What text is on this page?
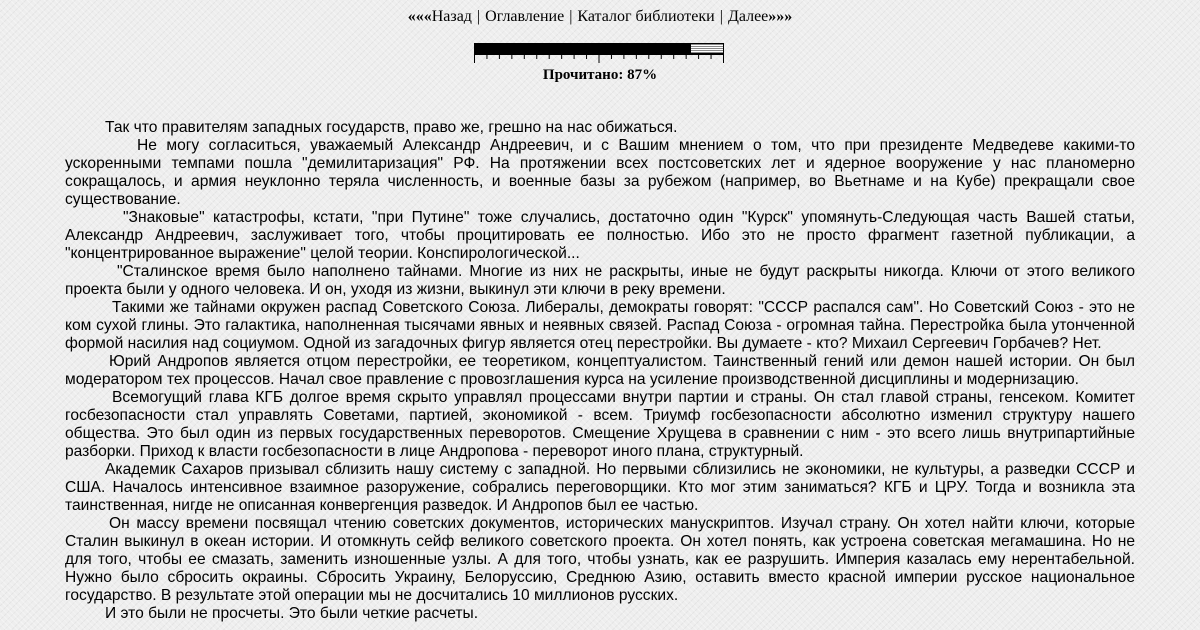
«««Назад | Оглавление | Каталог библиотеки | Далее»»»
Прочитано: 87%

Так что правителям западных государств, право же, грешно на нас обижаться.

Не могу согласиться, уважаемый Александр Андреевич, и с Вашим мнением о том, что при президенте Медведеве какими-то ускоренными темпами пошла "демилитаризация" РФ. На протяжении всех постсоветских лет и ядерное вооружение у нас планомерно сокращалось, и армия неуклонно теряла численность, и военные базы за рубежом (например, во Вьетнаме и на Кубе) прекращали свое существование.

"Знаковые" катастрофы, кстати, "при Путине" тоже случались, достаточно один "Курск" упомянуть-Следующая часть Вашей статьи, Александр Андреевич, заслуживает того, чтобы процитировать ее полностью. Ибо это не просто фрагмент газетной публикации, а "концентрированное выражение" целой теории. Конспирологической...

"Сталинское время было наполнено тайнами. Многие из них не раскрыты, иные не будут раскрыты никогда. Ключи от этого великого проекта были у одного человека. И он, уходя из жизни, выкинул эти ключи в реку времени.

Такими же тайнами окружен распад Советского Союза. Либералы, демократы говорят: "СССР распался сам". Но Советский Союз - это не ком сухой глины. Это галактика, наполненная тысячами явных и неявных связей. Распад Союза - огромная тайна. Перестройка была утонченной формой насилия над социумом. Одной из загадочных фигур является отец перестройки. Вы думаете - кто? Михаил Сергеевич Горбачев? Нет.

Юрий Андропов является отцом перестройки, ее теоретиком, концептуалистом. Таинственный гений или демон нашей истории. Он был модератором тех процессов. Начал свое правление с провозглашения курса на усиление производственной дисциплины и модернизацию.

Всемогущий глава КГБ долгое время скрыто управлял процессами внутри партии и страны. Он стал главой страны, генсеком. Комитет госбезопасности стал управлять Советами, партией, экономикой - всем. Триумф госбезопасности абсолютно изменил структуру нашего общества. Это был один из первых государственных переворотов. Смещение Хрущева в сравнении с ним - это всего лишь внутрипартийные разборки. Приход к власти госбезопасности в лице Андропова - переворот иного плана, структурный.

Академик Сахаров призывал сблизить нашу систему с западной. Но первыми сблизились не экономики, не культуры, а разведки СССР и США. Началось интенсивное взаимное разоружение, собрались переговорщики. Кто мог этим заниматься? КГБ и ЦРУ. Тогда и возникла эта таинственная, нигде не описанная конвергенция разведок. И Андропов был ее частью.

Он массу времени посвящал чтению советских документов, исторических манускриптов. Изучал страну. Он хотел найти ключи, которые Сталин выкинул в океан истории. И отомкнуть сейф великого советского проекта. Он хотел понять, как устроена советская мегамашина. Но не для того, чтобы ее смазать, заменить изношенные узлы. А для того, чтобы узнать, как ее разрушить. Империя казалась ему нерентабельной. Нужно было сбросить окраины. Сбросить Украину, Белоруссию, Среднюю Азию, оставить вместо красной империи русское национальное государство. В результате этой операции мы не досчитались 10 миллионов русских.

И это были не просчеты. Это были четкие расчеты.
